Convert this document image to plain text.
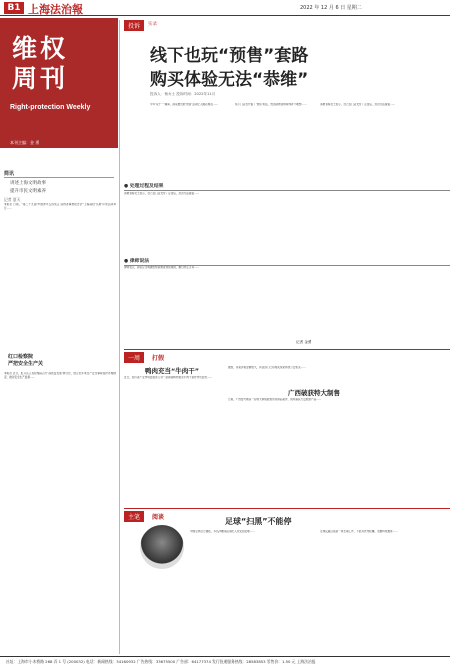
B1 上海法治報	2022 年 12 月 6 日 星期二
维权
周刊
Right-protection Weekly
本刊主编：金 勇
简讯
讲述上海文明故事
提升市民文明素养
记者 夏天
本报讯 日前，“第二十九届‘中国青年五四奖章’获得者事迹报告会”上海高校‘名师’评选活动举行……
红口检察院
严把安全生产关
本报讯 近日，虹口区人民检察院召开‘高质量发展’研讨会，结合近年来生产安全事故案件办理情况，推动安全生产监督……
投诉	实录
线下也玩“预售”套路
购买体验无法“恭维”
投诉人：杨女士 投诉时间：2022年11月
今年‘双十一’期间，商家推出的‘预售’活动让人眼花缭乱……	线下门店也开始了‘预售’玩法，然而消费者体验却并不理想……	消费者杨女士表示，自己在门店支付了定金后，迟迟无法提货……
● 处理过程及结果
消费者杨女士表示，自己在门店支付了定金后，迟迟无法提货……
● 律师说法
律师表示，商家应当明确告知消费者预售规则，履行约定义务……
记者 金勇
一周	打假
鸭肉充当“牛肉干”
近日，四川省广安市场监管部门对一起销售鸭肉冒充牛肉干案件作出处罚……
据悉，该案涉案金额较大，执法部门已将相关线索移送公安机关……
广西破获特大制售
日前，广西警方破获一起特大制售假冒伪劣商品案件，现场查获大量假冒产品……
主笔	阅谈	足球“扫黑”不能停
中国足协近日通报，多名涉嫌违法违纪人员受到处理……	足球反腐扫黑是一项长期工作，不能有丝毫松懈，需要持续推进……
社址：上海市小木桥路 268 弄 1 号 (200032) 电话：新闻热线：34160932 广告热线：33675500 广告部：64177374 发行投递服务热线：28583853 零售价：1.50 元 上海法治报
